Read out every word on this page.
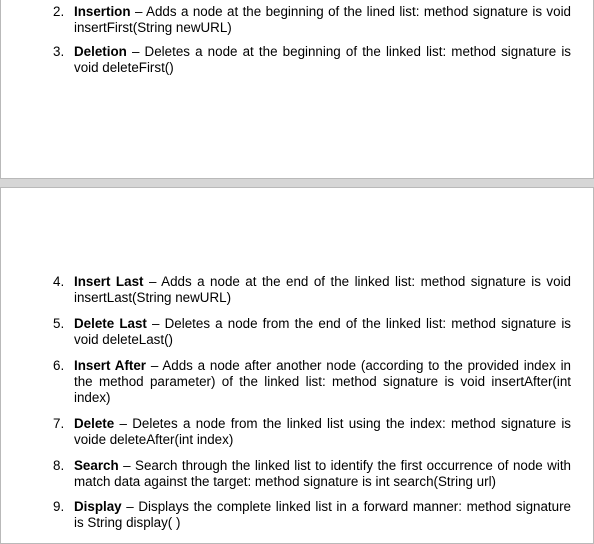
2. Insertion – Adds a node at the beginning of the lined list: method signature is void insertFirst(String newURL)
3. Deletion – Deletes a node at the beginning of the linked list: method signature is void deleteFirst()
4. Insert Last – Adds a node at the end of the linked list: method signature is void insertLast(String newURL)
5. Delete Last – Deletes a node from the end of the linked list: method signature is void deleteLast()
6. Insert After – Adds a node after another node (according to the provided index in the method parameter) of the linked list: method signature is void insertAfter(int index)
7. Delete – Deletes a node from the linked list using the index: method signature is voide deleteAfter(int index)
8. Search – Search through the linked list to identify the first occurrence of node with match data against the target: method signature is int search(String url)
9. Display – Displays the complete linked list in a forward manner: method signature is String display( )
